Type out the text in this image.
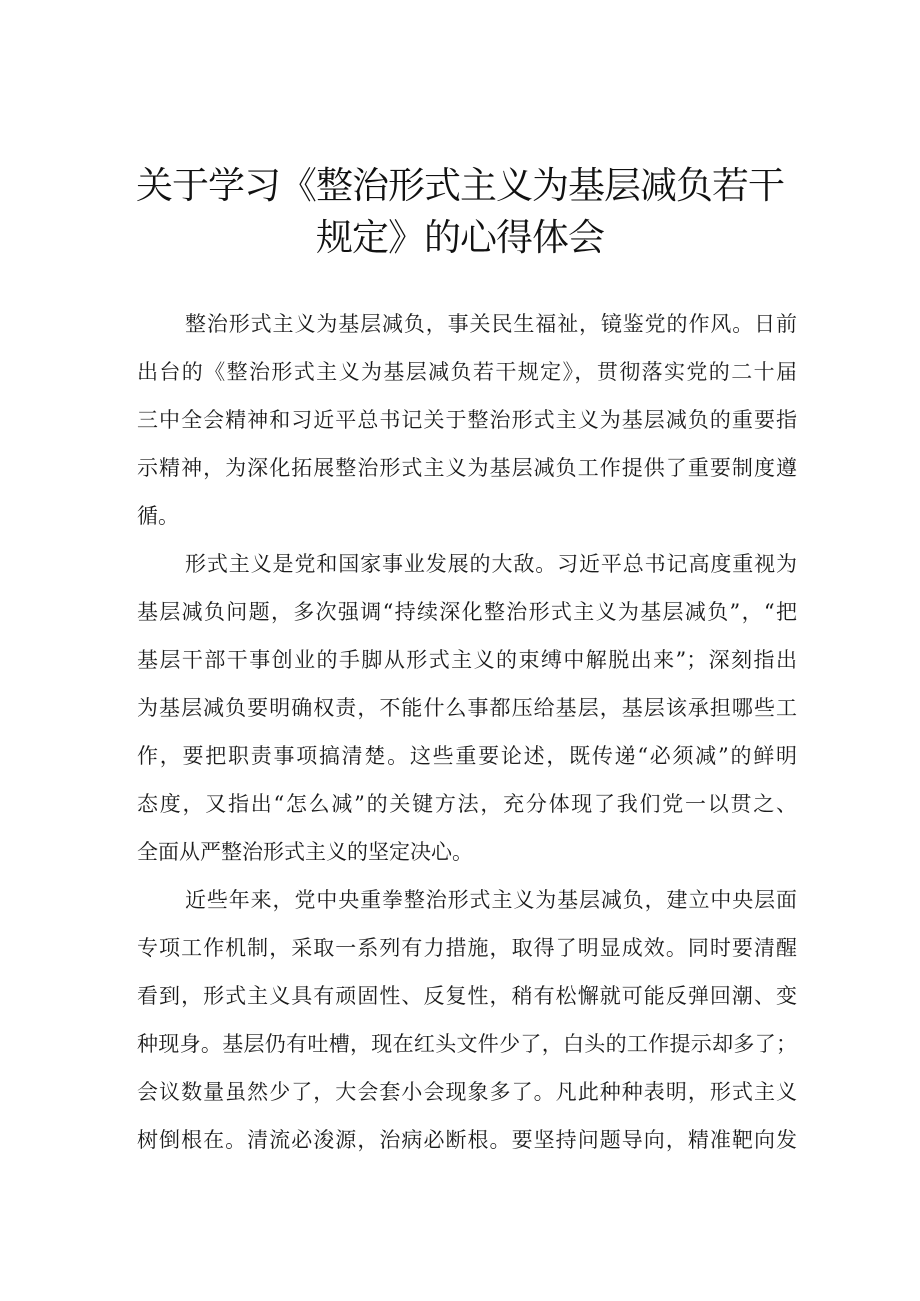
关于学习《整治形式主义为基层减负若干
规定》的心得体会

整治形式主义为基层减负，事关民生福祉，镜鉴党的作风。日前

出台的《整治形式主义为基层减负若干规定》，贯彻落实党的二十届

三中全会精神和习近平总书记关于整治形式主义为基层减负的重要指

示精神，为深化拓展整治形式主义为基层减负工作提供了重要制度遵

循。

形式主义是党和国家事业发展的大敌。习近平总书记高度重视为

基层减负问题，多次强调“持续深化整治形式主义为基层减负”，“把

基层干部干事创业的手脚从形式主义的束缚中解脱出来”；深刻指出

为基层减负要明确权责，不能什么事都压给基层，基层该承担哪些工

作，要把职责事项搞清楚。这些重要论述，既传递“必须减”的鲜明

态度，又指出“怎么减”的关键方法，充分体现了我们党一以贯之、

全面从严整治形式主义的坚定决心。

近些年来，党中央重拳整治形式主义为基层减负，建立中央层面

专项工作机制，采取一系列有力措施，取得了明显成效。同时要清醒

看到，形式主义具有顽固性、反复性，稍有松懈就可能反弹回潮、变

种现身。基层仍有吐槽，现在红头文件少了，白头的工作提示却多了；

会议数量虽然少了，大会套小会现象多了。凡此种种表明，形式主义

树倒根在。清流必浚源，治病必断根。要坚持问题导向，精准靶向发
